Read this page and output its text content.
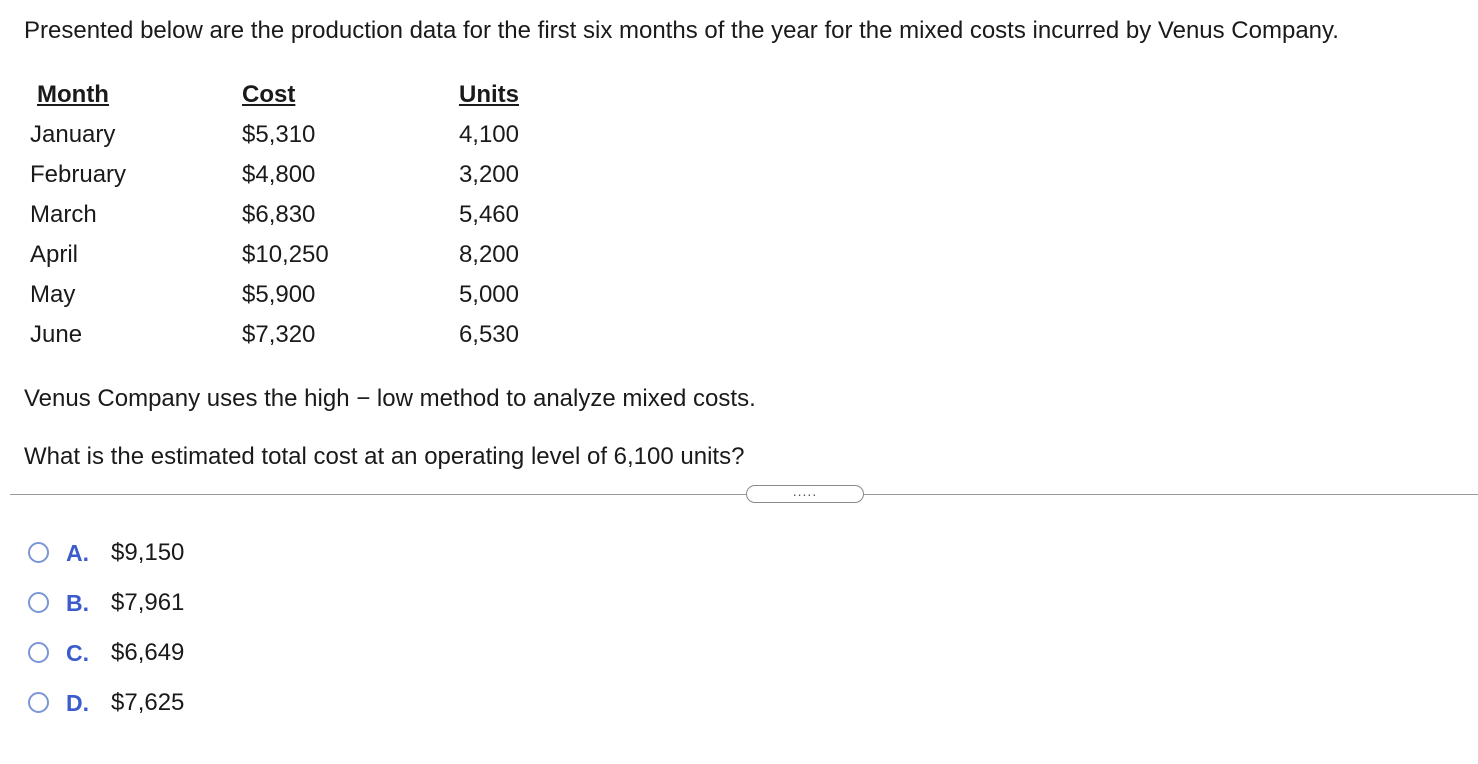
Presented below are the production data for the first six months of the year for the mixed costs incurred by Venus Company.
Month	Cost	Units
January	$5,310	4,100
February	$4,800	3,200
March	$6,830	5,460
April	$10,250	8,200
May	$5,900	5,000
June	$7,320	6,530
Venus Company uses the high − low method to analyze mixed costs.
What is the estimated total cost at an operating level of 6,100 units?
.....
A. $9,150
B. $7,961
C. $6,649
D. $7,625
